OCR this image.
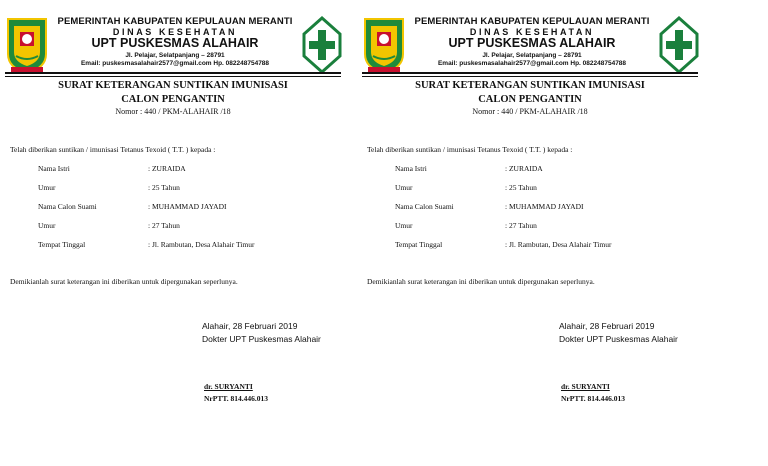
PEMERINTAH KABUPATEN KEPULAUAN MERANTI
DINAS KESEHATAN
UPT PUSKESMAS ALAHAIR
Jl. Pelajar, Selatpanjang – 28791
Email: puskesmasalahair2577@gmail.com Hp. 082248754788
SURAT KETERANGAN SUNTIKAN IMUNISASI
CALON PENGANTIN
Nomor : 440 / PKM-ALAHAIR /18
Telah diberikan suntikan / imunisasi Tetanus Texoid ( T.T. ) kepada :
Nama Istri	: ZURAIDA
Umur	: 25 Tahun
Nama Calon Suami	: MUHAMMAD JAYADI
Umur	: 27 Tahun
Tempat Tinggal	: Jl. Rambutan, Desa Alahair Timur
Demikianlah surat keterangan ini diberikan untuk dipergunakan seperlunya.
Alahair, 28 Februari 2019
Dokter UPT Puskesmas Alahair
dr. SURYANTI
NrPTT. 814.446.013
PEMERINTAH KABUPATEN KEPULAUAN MERANTI
DINAS KESEHATAN
UPT PUSKESMAS ALAHAIR
Jl. Pelajar, Selatpanjang – 28791
Email: puskesmasalahair2577@gmail.com Hp. 082248754788
SURAT KETERANGAN SUNTIKAN IMUNISASI
CALON PENGANTIN
Nomor : 440 / PKM-ALAHAIR /18
Telah diberikan suntikan / imunisasi Tetanus Texoid ( T.T. ) kepada :
Nama Istri	: ZURAIDA
Umur	: 25 Tahun
Nama Calon Suami	: MUHAMMAD JAYADI
Umur	: 27 Tahun
Tempat Tinggal	: Jl. Rambutan, Desa Alahair Timur
Demikianlah surat keterangan ini diberikan untuk dipergunakan seperlunya.
Alahair, 28 Februari 2019
Dokter UPT Puskesmas Alahair
dr. SURYANTI
NrPTT. 814.446.013
